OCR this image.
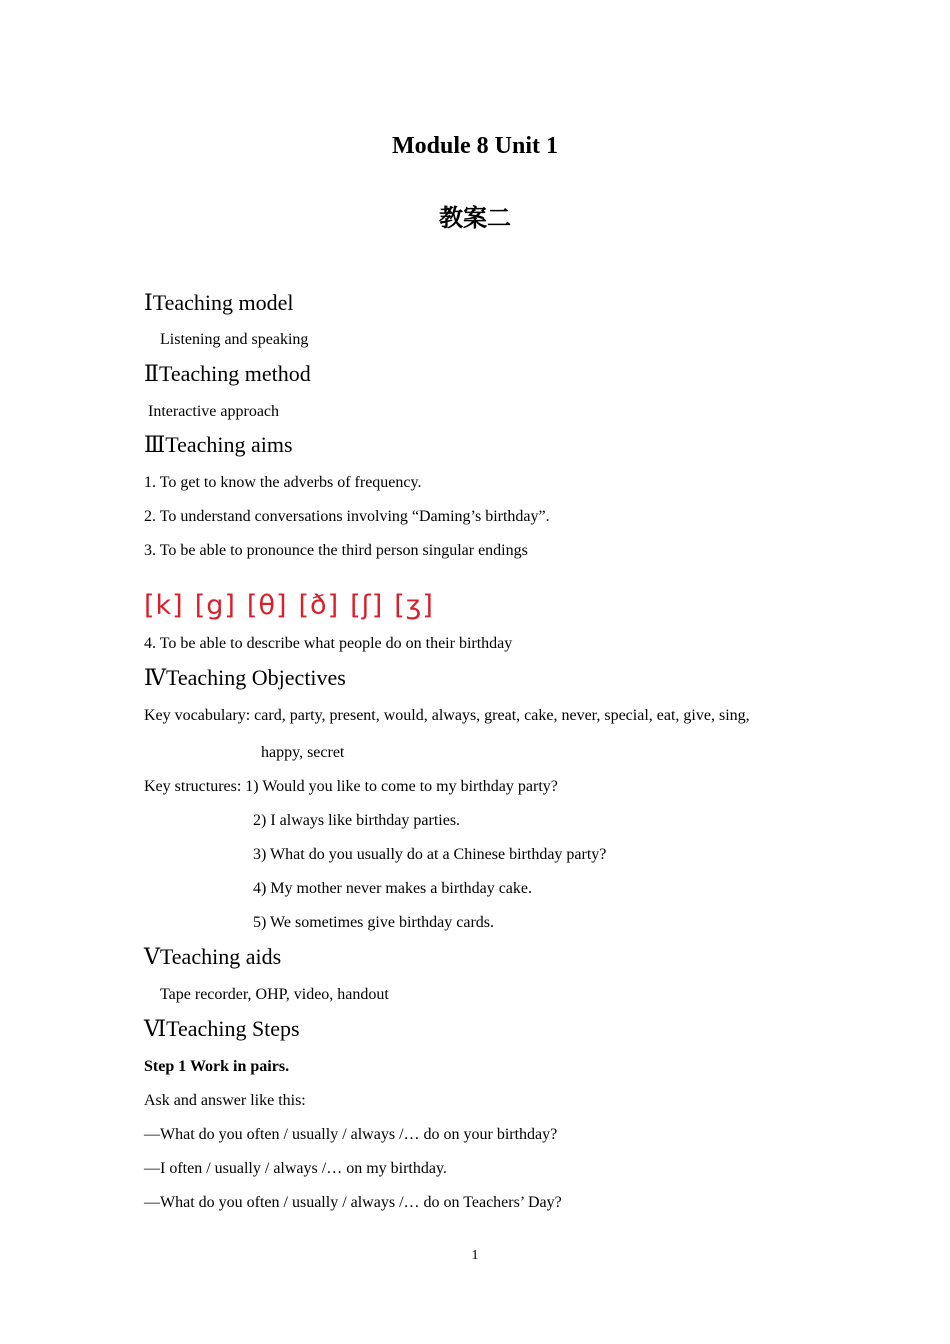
Module 8 Unit 1
教案二
ⅠTeaching model
Listening and speaking
ⅡTeaching method
Interactive approach
ⅢTeaching aims
1. To get to know the adverbs of frequency.
2. To understand conversations involving “Daming’s birthday”.
3. To be able to pronounce the third person singular endings
[k] [g] [θ] [ð] [ʃ] [ʒ]
4. To be able to describe what people do on their birthday
ⅣTeaching Objectives
Key vocabulary: card, party, present, would, always, great, cake, never, special, eat, give, sing,
happy, secret
Key structures: 1) Would you like to come to my birthday party?
2) I always like birthday parties.
3) What do you usually do at a Chinese birthday party?
4) My mother never makes a birthday cake.
5) We sometimes give birthday cards.
ⅤTeaching aids
Tape recorder, OHP, video, handout
ⅥTeaching Steps
Step 1 Work in pairs.
Ask and answer like this:
—What do you often / usually / always /… do on your birthday?
—I often / usually / always /… on my birthday.
—What do you often / usually / always /… do on Teachers’ Day?
1
